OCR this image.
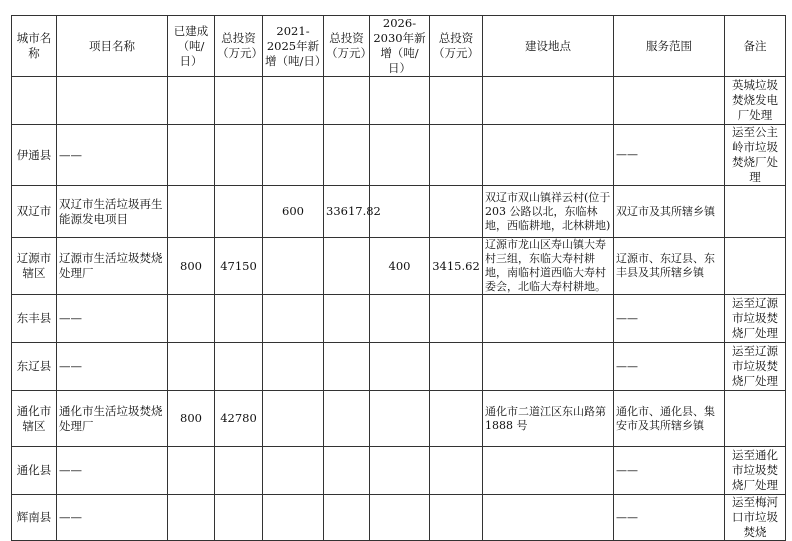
城市名称	项目名称	已建成（吨/日）	总投资（万元）	2021-2025年新增（吨/日）	总投资（万元）	2026-2030年新增（吨/日）	总投资（万元）	建设地点	服务范围	备注
										英城垃圾焚烧发电厂处理
伊通县	——								——	运至公主岭市垃圾焚烧厂处理
双辽市	双辽市生活垃圾再生能源发电项目			600	33617.82			双辽市双山镇祥云村(位于 203 公路以北，东临林地，西临耕地，北林耕地)	双辽市及其所辖乡镇	
辽源市辖区	辽源市生活垃圾焚烧处理厂	800	47150			400	3415.62	辽源市龙山区寿山镇大寿村三组，东临大寿村耕地，南临村道西临大寿村委会，北临大寿村耕地。	辽源市、东辽县、东丰县及其所辖乡镇	
东丰县	——								——	运至辽源市垃圾焚烧厂处理
东辽县	——								——	运至辽源市垃圾焚烧厂处理
通化市辖区	通化市生活垃圾焚烧处理厂	800	42780					通化市二道江区东山路第 1888 号	通化市、通化县、集安市及其所辖乡镇	
通化县	——								——	运至通化市垃圾焚烧厂处理
辉南县	——								——	运至梅河口市垃圾焚烧
